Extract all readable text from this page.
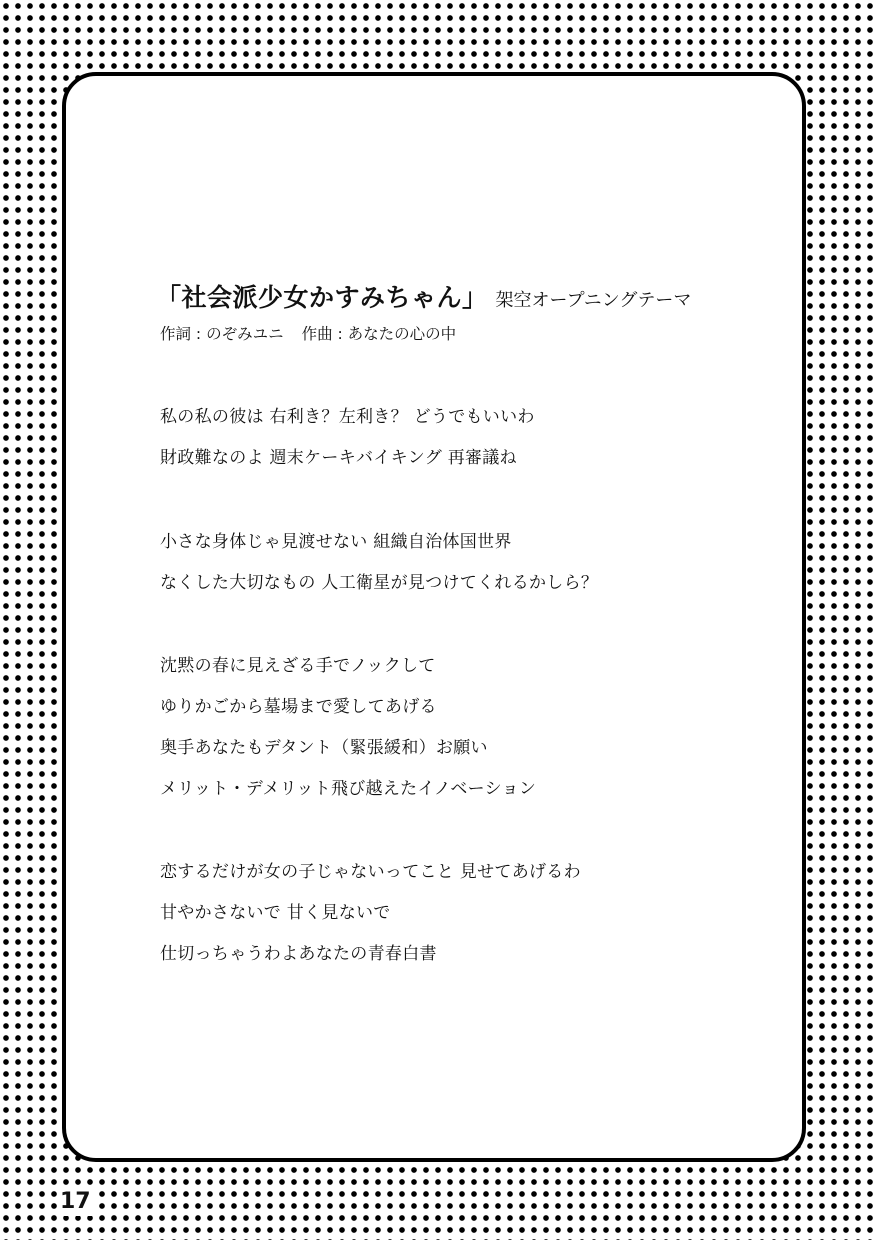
「社会派少女かすみちゃん」 架空オープニングテーマ
作詞 : のぞみユニ 作曲 : あなたの心の中
私の私の彼は 右利き？左利き？ どうでもいいわ
財政難なのよ 週末ケーキバイキング 再審議ね
小さな身体じゃ見渡せない 組織自治体国世界
なくした大切なもの 人工衛星が見つけてくれるかしら？
沈黙の春に見えざる手でノックして
ゆりかごから墓場まで愛してあげる
奥手あなたもデタント（緊張緩和）お願い
メリット・デメリット飛び越えたイノベーション
恋するだけが女の子じゃないってこと 見せてあげるわ
甘やかさないで 甘く見ないで
仕切っちゃうわよあなたの青春白書
17
